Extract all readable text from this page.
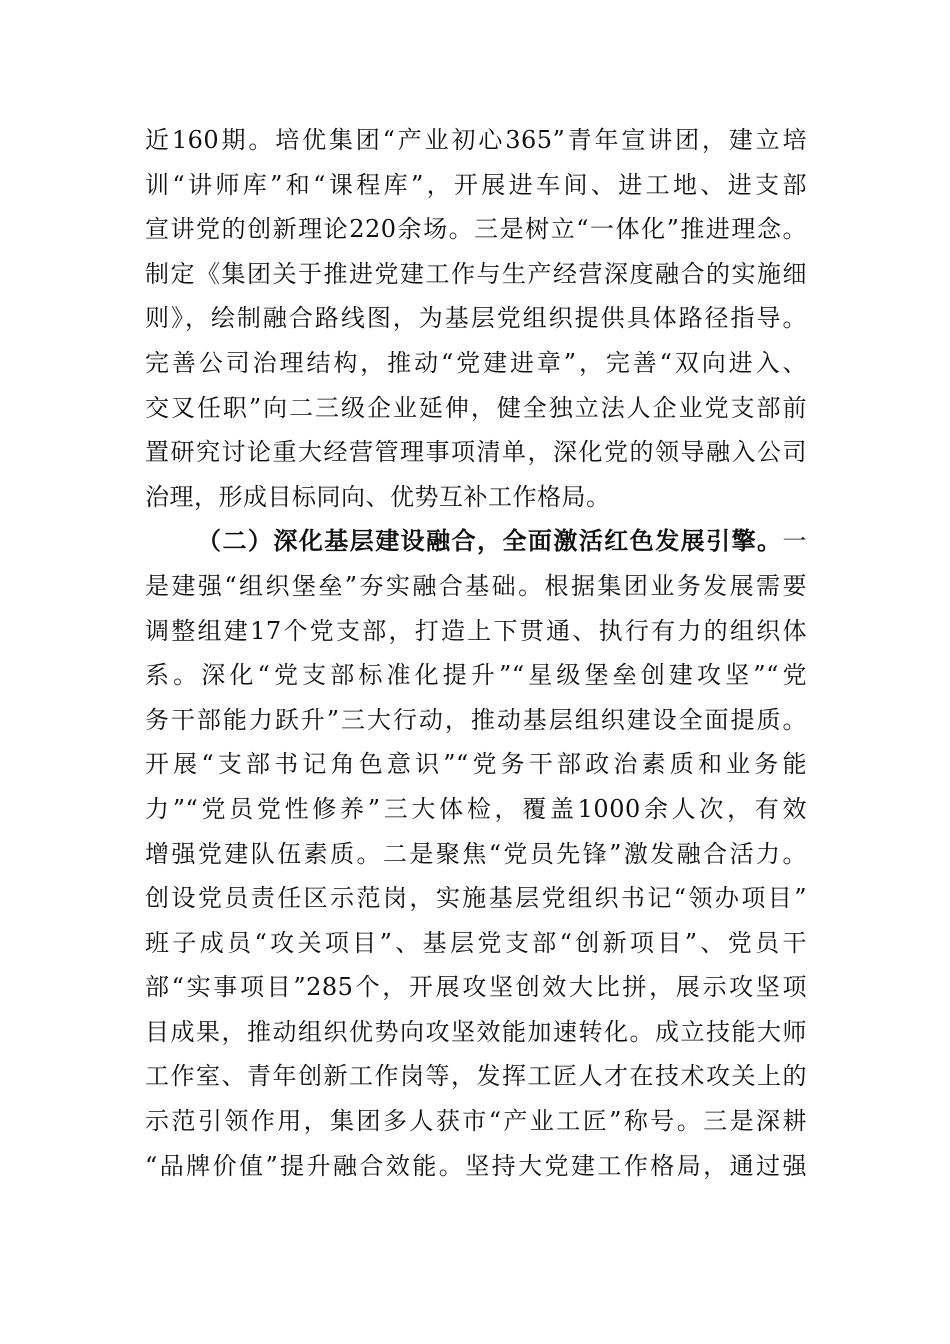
近160期。培优集团“产业初心365”青年宣讲团，建立培
训“讲师库”和“课程库”，开展进车间、进工地、进支部
宣讲党的创新理论220余场。三是树立“一体化”推进理念。
制定《集团关于推进党建工作与生产经营深度融合的实施细
则》，绘制融合路线图，为基层党组织提供具体路径指导。
完善公司治理结构，推动“党建进章”，完善“双向进入、
交叉任职”向二三级企业延伸，健全独立法人企业党支部前
置研究讨论重大经营管理事项清单，深化党的领导融入公司
治理，形成目标同向、优势互补工作格局。
（二）深化基层建设融合，全面激活红色发展引擎。一
是建强“组织堡垒”夯实融合基础。根据集团业务发展需要
调整组建17个党支部，打造上下贯通、执行有力的组织体
系。深化“党支部标准化提升”“星级堡垒创建攻坚”“党
务干部能力跃升”三大行动，推动基层组织建设全面提质。
开展“支部书记角色意识”“党务干部政治素质和业务能
力”“党员党性修养”三大体检，覆盖1000余人次，有效
增强党建队伍素质。二是聚焦“党员先锋”激发融合活力。
创设党员责任区示范岗，实施基层党组织书记“领办项目”
班子成员“攻关项目”、基层党支部“创新项目”、党员干
部“实事项目”285个，开展攻坚创效大比拼，展示攻坚项
目成果，推动组织优势向攻坚效能加速转化。成立技能大师
工作室、青年创新工作岗等，发挥工匠人才在技术攻关上的
示范引领作用，集团多人获市“产业工匠”称号。三是深耕
“品牌价值”提升融合效能。坚持大党建工作格局，通过强
